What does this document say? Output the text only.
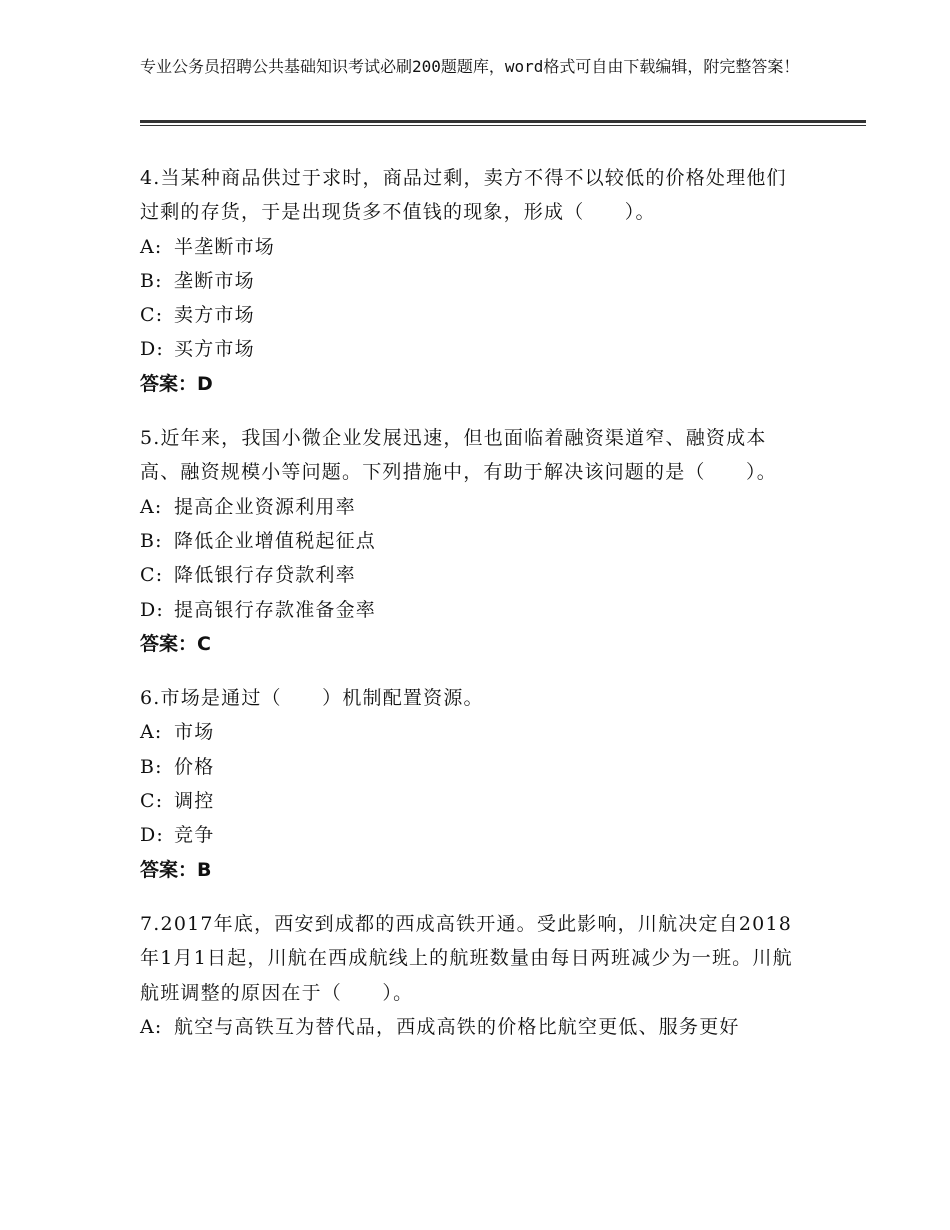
专业公务员招聘公共基础知识考试必刷200题题库，word格式可自由下载编辑，附完整答案！

4.当某种商品供过于求时，商品过剩，卖方不得不以较低的价格处理他们过剩的存货，于是出现货多不值钱的现象，形成（　　）。

A: 半垄断市场

B: 垄断市场

C: 卖方市场

D: 买方市场

答案：D

5.近年来，我国小微企业发展迅速，但也面临着融资渠道窄、融资成本高、融资规模小等问题。下列措施中，有助于解决该问题的是（　　）。

A: 提高企业资源利用率

B: 降低企业增值税起征点

C: 降低银行存贷款利率

D: 提高银行存款准备金率

答案：C

6.市场是通过（　　）机制配置资源。

A: 市场

B: 价格

C: 调控

D: 竞争

答案：B

7.2017年底，西安到成都的西成高铁开通。受此影响，川航决定自2018年1月1日起，川航在西成航线上的航班数量由每日两班减少为一班。川航航班调整的原因在于（　　）。

A: 航空与高铁互为替代品，西成高铁的价格比航空更低、服务更好
